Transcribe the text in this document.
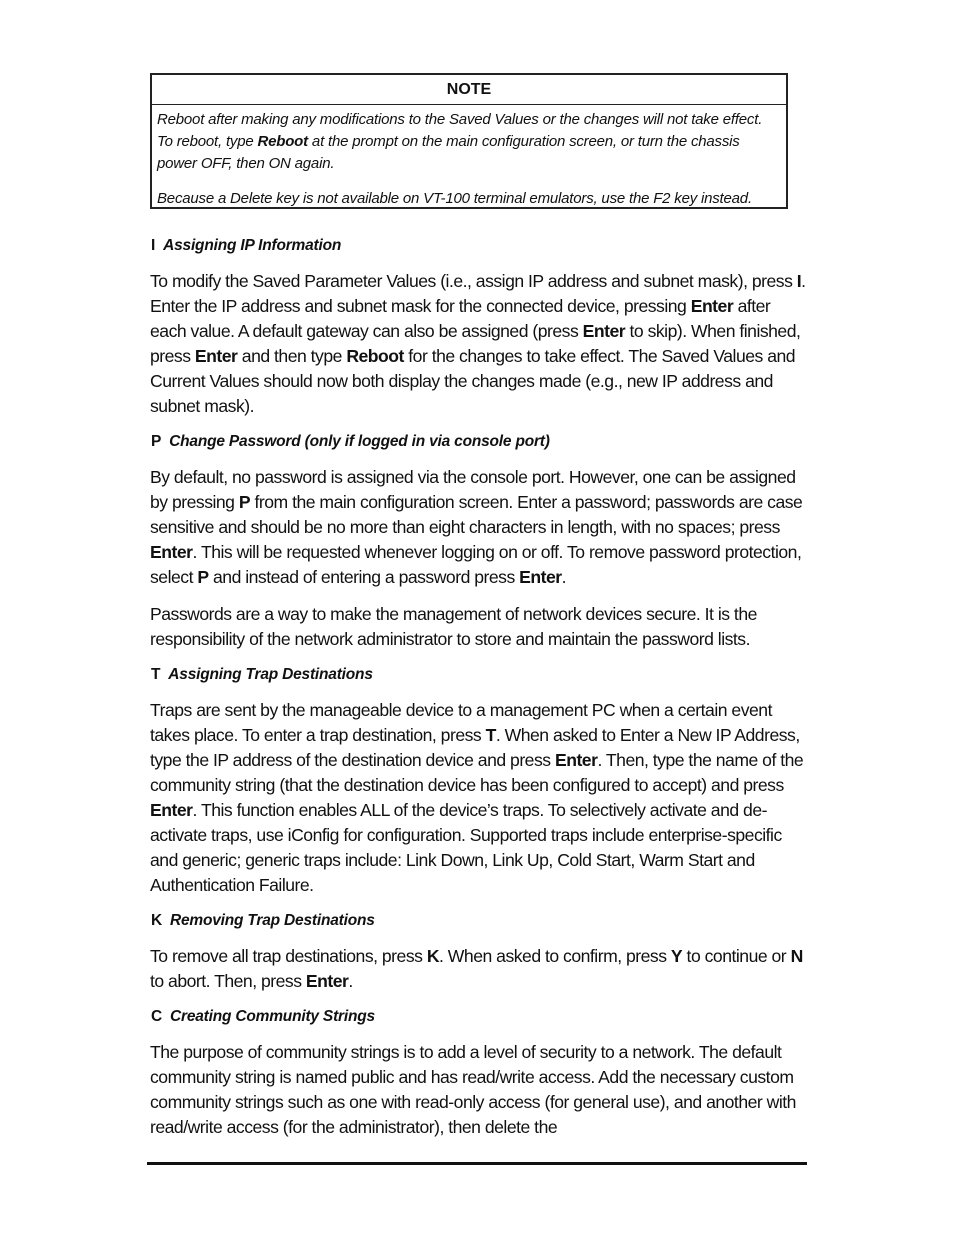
NOTE

Reboot after making any modifications to the Saved Values or the changes will not take effect. To reboot, type Reboot at the prompt on the main configuration screen, or turn the chassis power OFF, then ON again.

Because a Delete key is not available on VT-100 terminal emulators, use the F2 key instead.

I Assigning IP Information

To modify the Saved Parameter Values (i.e., assign IP address and subnet mask), press I. Enter the IP address and subnet mask for the connected device, pressing Enter after each value. A default gateway can also be assigned (press Enter to skip). When finished, press Enter and then type Reboot for the changes to take effect. The Saved Values and Current Values should now both display the changes made (e.g., new IP address and subnet mask).

P Change Password (only if logged in via console port)

By default, no password is assigned via the console port. However, one can be assigned by pressing P from the main configuration screen. Enter a password; passwords are case sensitive and should be no more than eight characters in length, with no spaces; press Enter. This will be requested whenever logging on or off. To remove password protection, select P and instead of entering a password press Enter.

Passwords are a way to make the management of network devices secure. It is the responsibility of the network administrator to store and maintain the password lists.

T Assigning Trap Destinations

Traps are sent by the manageable device to a management PC when a certain event takes place. To enter a trap destination, press T. When asked to Enter a New IP Address, type the IP address of the destination device and press Enter. Then, type the name of the community string (that the destination device has been configured to accept) and press Enter. This function enables ALL of the device’s traps. To selectively activate and de-activate traps, use iConfig for configuration. Supported traps include enterprise-specific and generic; generic traps include: Link Down, Link Up, Cold Start, Warm Start and Authentication Failure.

K Removing Trap Destinations

To remove all trap destinations, press K. When asked to confirm, press Y to continue or N to abort. Then, press Enter.

C Creating Community Strings

The purpose of community strings is to add a level of security to a network. The default community string is named public and has read/write access. Add the necessary custom community strings such as one with read-only access (for general use), and another with read/write access (for the administrator), then delete the
